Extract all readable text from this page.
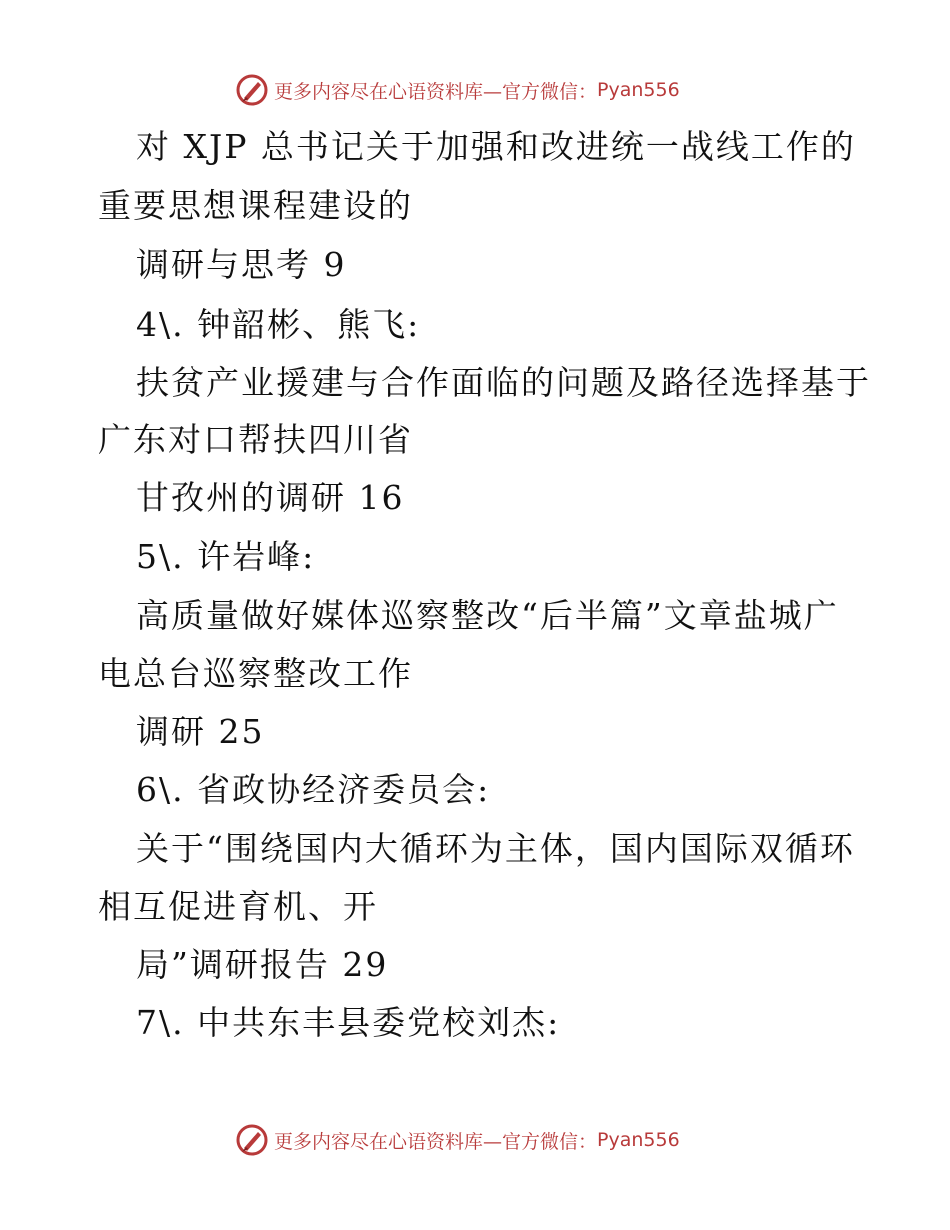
更多内容尽在心语资料库—官方微信： Pyan556
对 XJP 总书记关于加强和改进统一战线工作的
重要思想课程建设的
调研与思考 9
4\. 钟韶彬、熊飞:
扶贫产业援建与合作面临的问题及路径选择基于
广东对口帮扶四川省
甘孜州的调研 16
5\. 许岩峰:
高质量做好媒体巡察整改“后半篇”文章盐城广
电总台巡察整改工作
调研 25
6\. 省政协经济委员会:
关于“围绕国内大循环为主体，国内国际双循环
相互促进育机、开
局”调研报告 29
7\. 中共东丰县委党校刘杰:
更多内容尽在心语资料库—官方微信： Pyan556
